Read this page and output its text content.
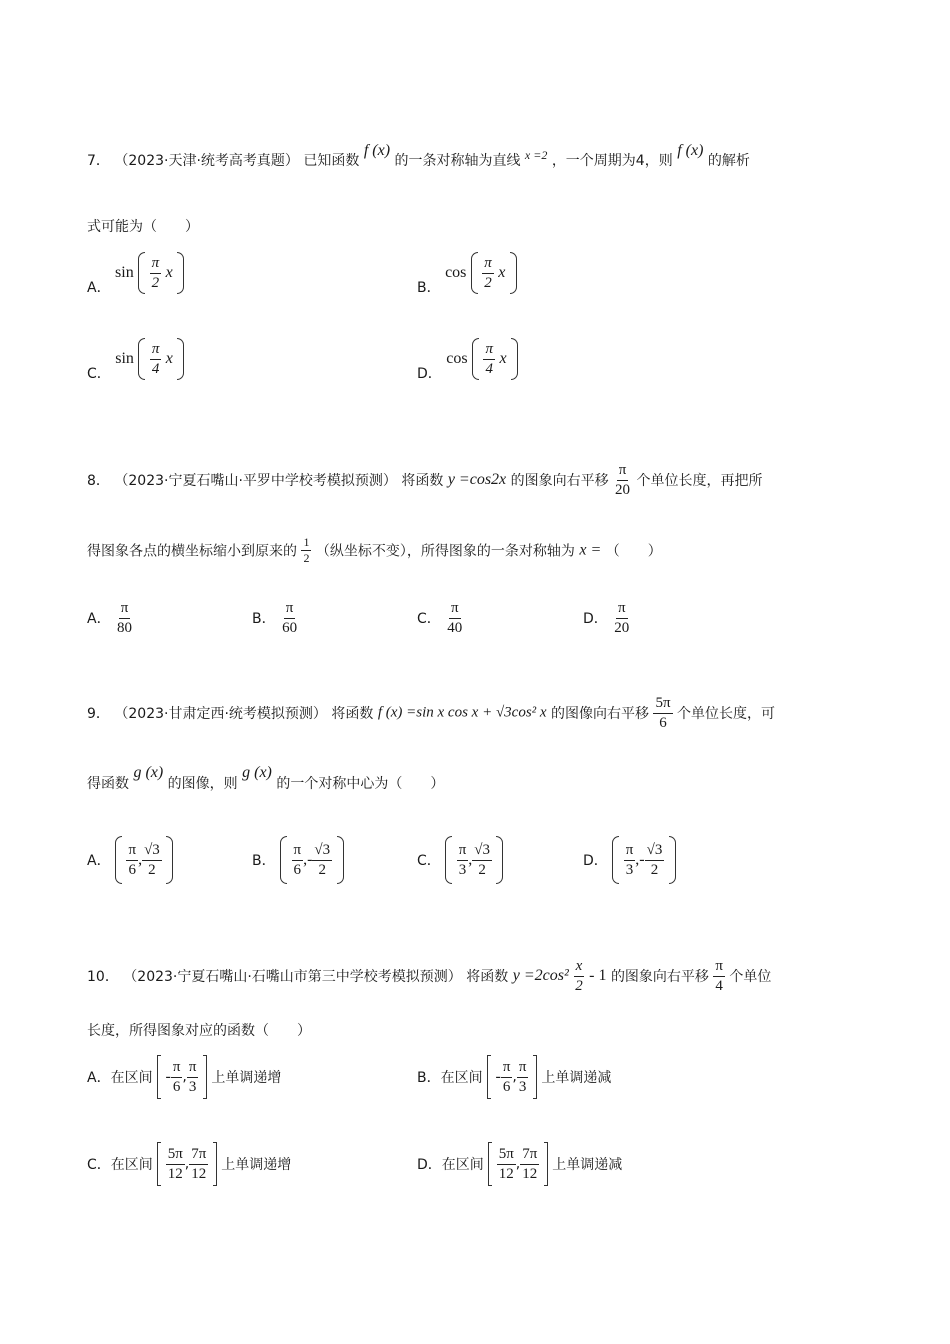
7． （2023·天津·统考高考真题） 已知函数 f (x) 的一条对称轴为直线 x =2 ，一个周期为4，则 f (x) 的解析
式可能为（　　）
A． $\sin \frac{\pi}{2}$ x
B． $\cos \frac{\pi}{2}$ x
C． $\sin \frac{\pi}{4}$ x
D． $\cos \frac{\pi}{4}$ x
8． （2023·宁夏石嘴山·平罗中学校考模拟预测） 将函数 y =cos2x 的图象向右平移 $\frac{\pi}{20}$ 个单位长度，再把所
得图象各点的横坐标缩小到原来的 $\frac{1}{2}$ （纵坐标不变），所得图象的一条对称轴为 x = （　　）
A． $\frac{\pi}{80}$	B． $\frac{\pi}{60}$	C． $\frac{\pi}{40}$	D． $\frac{\pi}{20}$
9． （2023·甘肃定西·统考模拟预测） 将函数 f (x) =sin x cos x + √3cos² x 的图像向右平移 $\frac{5\pi}{6}$ 个单位长度，可
得函数 g (x) 的图像，则 g (x) 的一个对称中心为（　　）
A． $\frac{\pi}{6}$ , $\frac{√3}{2}$
	B． $\frac{\pi}{6}$ ,- $\frac{√3}{2}$
	C． $\frac{\pi}{3}$ , $\frac{√3}{2}$
	D． $\frac{\pi}{3}$ ,- $\frac{√3}{2}$

10． （2023·宁夏石嘴山·石嘴山市第三中学校考模拟预测） 将函数 $y =2\cos^2 \frac{x}{2} - 1$ 的图象向右平移 $\frac{\pi}{4}$ 个单位
长度，所得图象对应的函数（　　）
A．在区间 - $\frac{\pi}{6}$ , $\frac{\pi}{3}$ 上单调递增	B．在区间 - $\frac{\pi}{6}$ , $\frac{\pi}{3}$ 上单调递减
C．在区间 $\frac{5\pi}{12}$ , $\frac{7\pi}{12}$ 上单调递增	D．在区间 $\frac{5\pi}{12}$ , $\frac{7\pi}{12}$ 上单调递减
